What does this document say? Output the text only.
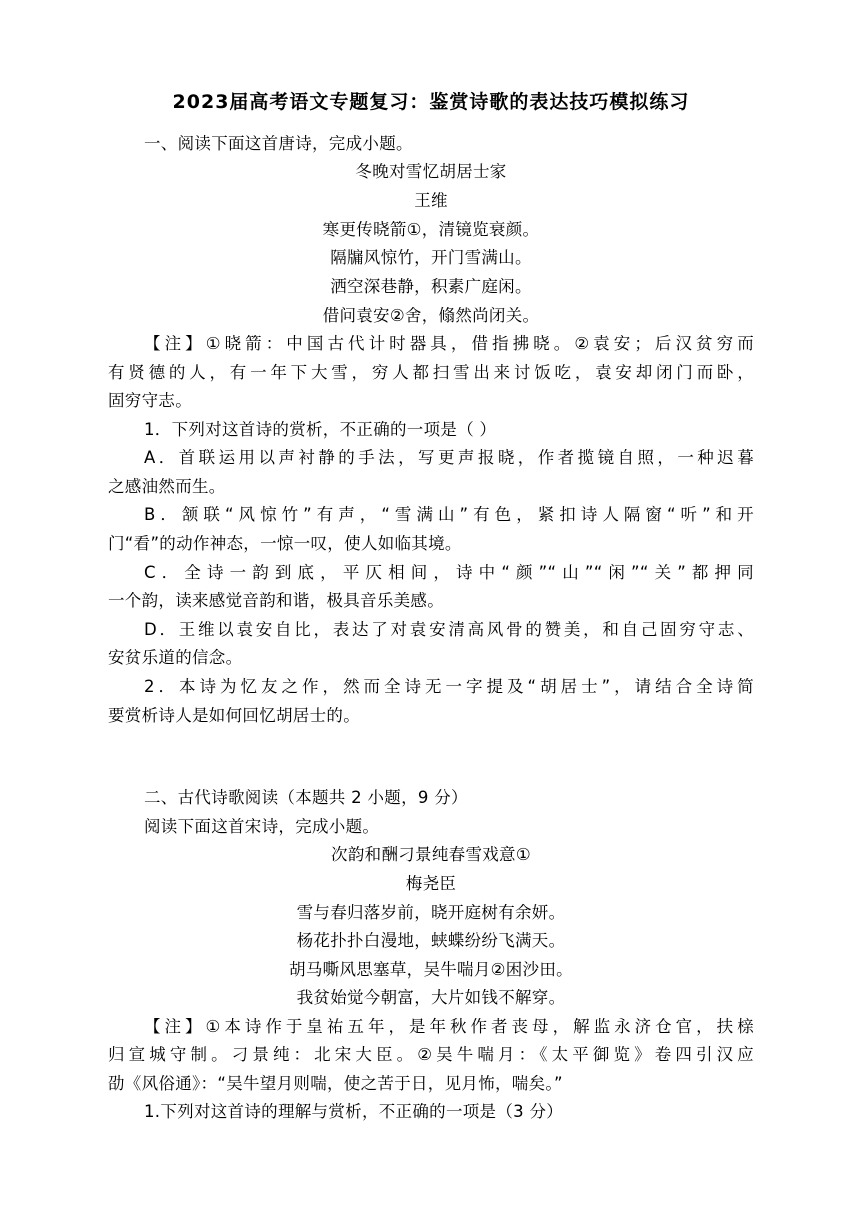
2023届高考语文专题复习：鉴赏诗歌的表达技巧模拟练习
一、阅读下面这首唐诗，完成小题。
冬晚对雪忆胡居士家
王维
寒更传晓箭①，清镜览衰颜。
隔牖风惊竹，开门雪满山。
洒空深巷静，积素广庭闲。
借问袁安②舍，翛然尚闭关。
【注】①晓箭：中国古代计时器具，借指拂晓。②袁安；后汉贫穷而
有贤德的人，有一年下大雪，穷人都扫雪出来讨饭吃，袁安却闭门而卧，
固穷守志。
1．下列对这首诗的赏析，不正确的一项是（ ）
A．首联运用以声衬静的手法，写更声报晓，作者揽镜自照，一种迟暮
之感油然而生。
B．颔联“风惊竹”有声，“雪满山”有色，紧扣诗人隔窗“听”和开
门“看”的动作神态，一惊一叹，使人如临其境。
C．全诗一韵到底，平仄相间，诗中“颜”“山”“闲”“关”都押同
一个韵，读来感觉音韵和谐，极具音乐美感。
D．王维以袁安自比，表达了对袁安清高风骨的赞美，和自己固穷守志、
安贫乐道的信念。
2．本诗为忆友之作，然而全诗无一字提及“胡居士”，请结合全诗简
要赏析诗人是如何回忆胡居士的。
二、古代诗歌阅读（本题共 2 小题，9 分）
阅读下面这首宋诗，完成小题。
次韵和酬刁景纯春雪戏意①
梅尧臣
雪与春归落岁前，晓开庭树有余妍。
杨花扑扑白漫地，蛱蝶纷纷飞满天。
胡马嘶风思塞草，吴牛喘月②困沙田。
我贫始觉今朝富，大片如钱不解穿。
【注】①本诗作于皇祐五年，是年秋作者丧母，解监永济仓官，扶榇
归宣城守制。刁景纯：北宋大臣。②吴牛喘月：《太平御览》卷四引汉应
劭《风俗通》：“吴牛望月则喘，使之苦于日，见月怖，喘矣。”
1.下列对这首诗的理解与赏析，不正确的一项是（3 分）
